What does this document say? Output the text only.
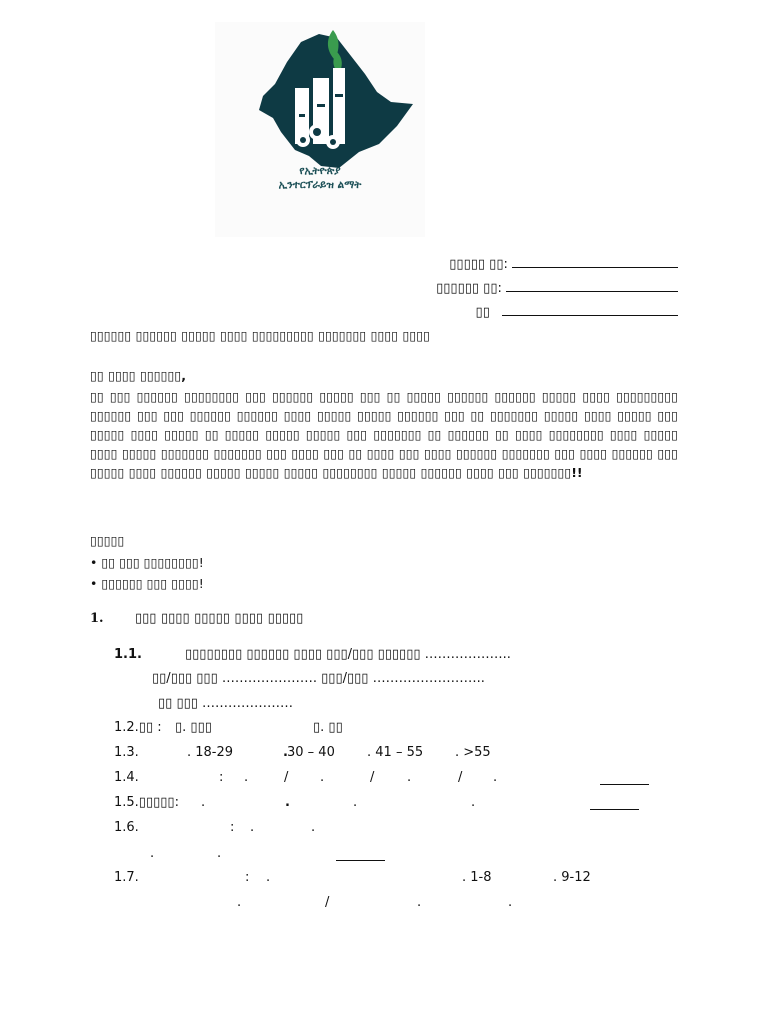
የኢትዮጵያ
ኢንተርፕራይዝ ልማት
▯▯▯▯▯ ▯▯:
▯▯▯▯▯▯ ▯▯:
▯▯
▯▯▯▯▯▯ ▯▯▯▯▯▯ ▯▯▯▯▯ ▯▯▯▯ ▯▯▯▯▯▯▯▯▯ ▯▯▯▯▯▯▯ ▯▯▯▯ ▯▯▯▯
▯▯ ▯▯▯▯ ▯▯▯▯▯▯,
▯▯ ▯▯▯ ▯▯▯▯▯▯ ▯▯▯▯▯▯▯▯ ▯▯▯ ▯▯▯▯▯▯ ▯▯▯▯▯ ▯▯▯ ▯▯ ▯▯▯▯▯ ▯▯▯▯▯▯ ▯▯▯▯▯▯ ▯▯▯▯▯ ▯▯▯▯ ▯▯▯▯▯▯▯▯▯ ▯▯▯▯▯▯ ▯▯▯ ▯▯▯ ▯▯▯▯▯▯ ▯▯▯▯▯▯ ▯▯▯▯ ▯▯▯▯▯ ▯▯▯▯▯ ▯▯▯▯▯▯ ▯▯▯ ▯▯ ▯▯▯▯▯▯▯ ▯▯▯▯▯ ▯▯▯▯ ▯▯▯▯▯ ▯▯▯ ▯▯▯▯▯ ▯▯▯▯ ▯▯▯▯▯ ▯▯ ▯▯▯▯▯ ▯▯▯▯▯ ▯▯▯▯▯ ▯▯▯ ▯▯▯▯▯▯▯ ▯▯ ▯▯▯▯▯▯ ▯▯ ▯▯▯▯ ▯▯▯▯▯▯▯▯ ▯▯▯▯ ▯▯▯▯▯ ▯▯▯▯ ▯▯▯▯▯ ▯▯▯▯▯▯▯ ▯▯▯▯▯▯▯ ▯▯▯ ▯▯▯▯ ▯▯▯ ▯▯ ▯▯▯▯ ▯▯▯ ▯▯▯▯ ▯▯▯▯▯▯ ▯▯▯▯▯▯▯ ▯▯▯ ▯▯▯▯ ▯▯▯▯▯▯ ▯▯▯ ▯▯▯▯▯ ▯▯▯▯ ▯▯▯▯▯▯ ▯▯▯▯▯ ▯▯▯▯▯ ▯▯▯▯▯ ▯▯▯▯▯▯▯▯ ▯▯▯▯▯ ▯▯▯▯▯▯ ▯▯▯▯ ▯▯▯ ▯▯▯▯▯▯▯!!
▯▯▯▯▯
• ▯▯ ▯▯▯ ▯▯▯▯▯▯▯▯!
• ▯▯▯▯▯▯ ▯▯▯ ▯▯▯▯!
1. ▯▯▯ ▯▯▯▯ ▯▯▯▯▯ ▯▯▯▯ ▯▯▯▯▯
1.1.	▯▯▯▯▯▯▯▯ ▯▯▯▯▯▯ ▯▯▯▯ ▯▯▯/▯▯▯ ▯▯▯▯▯▯ ………………..
▯▯/▯▯▯ ▯▯▯ …………………. ▯▯▯/▯▯▯ ……………………..
▯▯ ▯▯▯ …………………
1.2.▯▯ : ▯. ▯▯▯	▯. ▯▯
1.3.	. 18-29	. 30 – 40 . 41 – 55 . >55
1.4.	: .	/ .	/	.	/ .
1.5.▯▯▯▯▯: .	.	.	.
1.6.	: .	.
.	.
1.7.	: .	. 1-8	. 9-12
.	/	.	.
